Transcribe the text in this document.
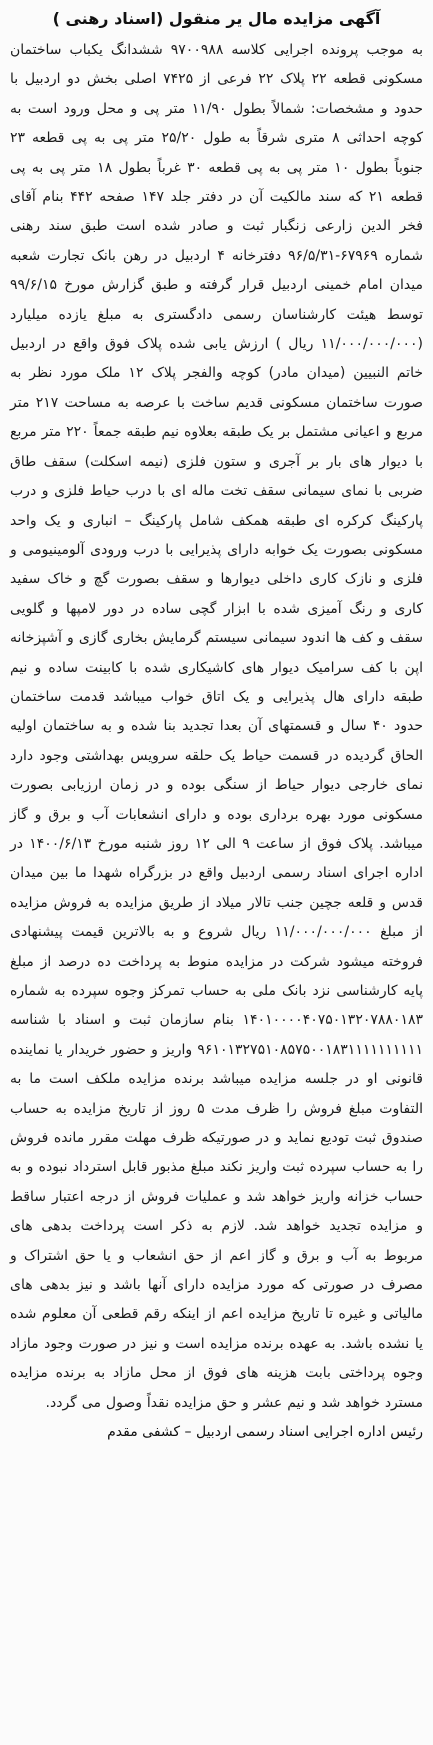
آگهی مزایده مال یر منقول (اسناد رهنی )

به موجب پرونده اجرایی کلاسه ۹۷۰۰۹۸۸ ششدانگ یکباب ساختمان مسکونی قطعه ۲۲ پلاک ۲۲ فرعی از ۷۴۲۵ اصلی بخش دو اردبیل با حدود و مشخصات: شمالاً بطول ۱۱/۹۰ متر پی و محل ورود است به کوچه احداثی ۸ متری شرقاً به طول ۲۵/۲۰ متر پی به پی قطعه ۲۳ جنوباً بطول ۱۰ متر پی به پی قطعه ۳۰ غرباً بطول ۱۸ متر پی به پی قطعه ۲۱ که سند مالکیت آن در دفتر جلد ۱۴۷ صفحه ۴۴۲ بنام آقای فخر الدین زارعی زنگبار ثبت و صادر شده است طبق سند رهنی شماره ۶۷۹۶۹-۹۶/۵/۳۱ دفترخانه ۴ اردبیل در رهن بانک تجارت شعبه میدان امام خمینی اردبیل قرار گرفته و طبق گزارش مورخ ۹۹/۶/۱۵ توسط هیئت کارشناسان رسمی دادگستری به مبلغ یازده میلیارد (۱۱/۰۰۰/۰۰۰/۰۰۰ ریال ) ارزش یابی شده پلاک فوق واقع در اردبیل خاتم النبیین (میدان مادر) کوچه والفجر پلاک ۱۲ ملک مورد نظر به صورت ساختمان مسکونی قدیم ساخت با عرصه به مساحت ۲۱۷ متر مربع و اعیانی مشتمل بر یک طبقه بعلاوه نیم طبقه جمعاً ۲۲۰ متر مربع با دیوار های بار بر آجری و ستون فلزی (نیمه اسکلت) سقف طاق ضربی با نمای سیمانی سقف تخت ماله ای با درب حیاط فلزی و درب پارکینگ کرکره ای طبقه همکف شامل پارکینگ – انباری و یک واحد مسکونی بصورت یک خوابه دارای پذیرایی با درب ورودی آلومینیومی و فلزی و نازک کاری داخلی دیوارها و سقف بصورت گچ و خاک سفید کاری و رنگ آمیزی شده با ابزار گچی ساده در دور لامپها و گلویی سقف و کف ها اندود سیمانی سیستم گرمایش بخاری گازی و آشپزخانه اپن با کف سرامیک دیوار های کاشیکاری شده با کابینت ساده و نیم طبقه دارای هال پذیرایی و یک اتاق خواب میباشد قدمت ساختمان حدود ۴۰ سال و قسمتهای آن بعدا تجدید بنا شده و به ساختمان اولیه الحاق گردیده در قسمت حیاط یک حلقه سرویس بهداشتی وجود دارد نمای خارجی دیوار حیاط از سنگی بوده و در زمان ارزیابی بصورت مسکونی مورد بهره برداری بوده و دارای انشعابات آب و برق و گاز میباشد. پلاک فوق از ساعت ۹ الی ۱۲ روز شنبه مورخ ۱۴۰۰/۶/۱۳ در اداره اجرای اسناد رسمی اردبیل واقع در بزرگراه شهدا ما بین میدان قدس و قلعه جچین جنب تالار میلاد از طریق مزایده به فروش مزایده از مبلغ ۱۱/۰۰۰/۰۰۰/۰۰۰ ریال شروع و به بالاترین قیمت پیشنهادی فروخته میشود شرکت در مزایده منوط به پرداخت ده درصد از مبلغ پایه کارشناسی نزد بانک ملی به حساب تمرکز وجوه سپرده به شماره ۱۴۰۱۰۰۰۰۴۰۷۵۰۱۳۲۰۷۸۸۰۱۸۳ بنام سازمان ثبت و اسناد با شناسه ۹۶۱۰۱۳۲۷۵۱۰۸۵۷۵۰۰۱۸۳۱۱۱۱۱۱۱۱۱۱ واریز و حضور خریدار یا نماینده قانونی او در جلسه مزایده میباشد برنده مزایده ملکف است ما به التفاوت مبلغ فروش را ظرف مدت ۵ روز از تاریخ مزایده به حساب صندوق ثبت تودیع نماید و در صورتیکه ظرف مهلت مقرر مانده فروش را به حساب سپرده ثبت واریز نکند مبلغ مذبور قابل استرداد نبوده و به حساب خزانه واریز خواهد شد و عملیات فروش از درجه اعتبار ساقط و مزایده تجدید خواهد شد. لازم به ذکر است پرداخت بدهی های مربوط به آب و برق و گاز اعم از حق انشعاب و یا حق اشتراک و مصرف در صورتی که مورد مزایده دارای آنها باشد و نیز بدهی های مالیاتی و غیره تا تاریخ مزایده اعم از اینکه رقم قطعی آن معلوم شده یا نشده باشد. به عهده برنده مزایده است و نیز در صورت وجود مازاد وجوه پرداختی بابت هزینه های فوق از محل مازاد به برنده مزایده مسترد خواهد شد و نیم عشر و حق مزایده نقداً وصول می گردد.

رئیس اداره اجرایی اسناد رسمی اردبیل – کشفی مقدم
